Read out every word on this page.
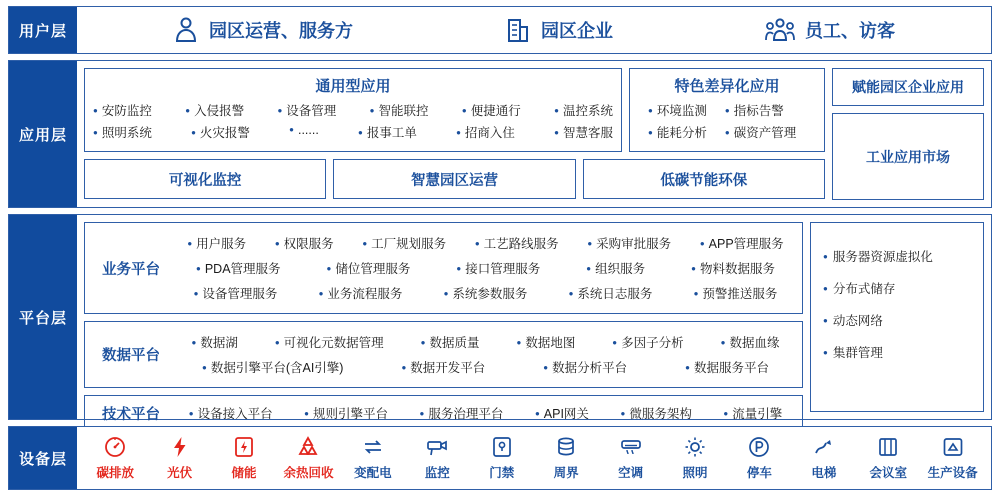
用户层	园区运营、服务方	园区企业	员工、访客
应用层
通用型应用
● 安防监控	● 入侵报警	● 设备管理	● 智能联控	● 便捷通行	● 温控系统
● 照明系统	● 火灾报警	● ......	● 报事工单	● 招商入住	● 智慧客服
特色差异化应用
● 环境监测	● 指标告警
● 能耗分析	● 碳资产管理
可视化监控	智慧园区运营	低碳节能环保
赋能园区企业应用
工业应用市场
平台层
业务平台
● 用户服务	● 权限服务	● 工厂规划服务	● 工艺路线服务	● 采购审批服务	● APP管理服务
● PDA管理服务	● 储位管理服务	● 接口管理服务	● 组织服务	● 物料数据服务
● 设备管理服务	● 业务流程服务	● 系统参数服务	● 系统日志服务	● 预警推送服务
数据平台
● 数据湖	● 可视化元数据管理	● 数据质量	● 数据地图	● 多因子分析	● 数据血缘
● 数据引擎平台(含AI引擎)	● 数据开发平台	● 数据分析平台	● 数据服务平台
技术平台	● 设备接入平台	● 规则引擎平台	● 服务治理平台	● API网关	● 微服务架构	● 流量引擎
● 服务器资源虚拟化
● 分布式储存
● 动态网络
● 集群管理
设备层
碳排放	光伏	储能 余热回收 变配电	监控	门禁	周界	空调	照明	停车	电梯	会议室 生产设备
